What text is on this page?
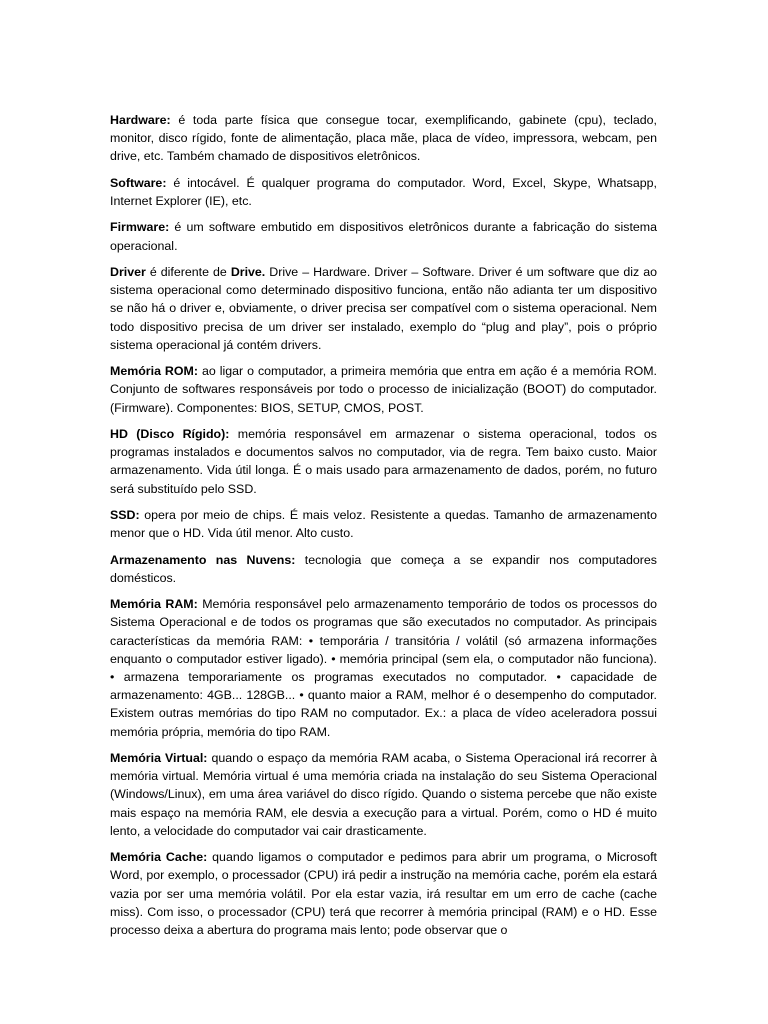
Hardware: é toda parte física que consegue tocar, exemplificando, gabinete (cpu), teclado, monitor, disco rígido, fonte de alimentação, placa mãe, placa de vídeo, impressora, webcam, pen drive, etc. Também chamado de dispositivos eletrônicos.

Software: é intocável. É qualquer programa do computador. Word, Excel, Skype, Whatsapp, Internet Explorer (IE), etc.

Firmware: é um software embutido em dispositivos eletrônicos durante a fabricação do sistema operacional.

Driver é diferente de Drive. Drive – Hardware. Driver – Software. Driver é um software que diz ao sistema operacional como determinado dispositivo funciona, então não adianta ter um dispositivo se não há o driver e, obviamente, o driver precisa ser compatível com o sistema operacional. Nem todo dispositivo precisa de um driver ser instalado, exemplo do “plug and play”, pois o próprio sistema operacional já contém drivers.

Memória ROM: ao ligar o computador, a primeira memória que entra em ação é a memória ROM. Conjunto de softwares responsáveis por todo o processo de inicialização (BOOT) do computador. (Firmware). Componentes: BIOS, SETUP, CMOS, POST.

HD (Disco Rígido): memória responsável em armazenar o sistema operacional, todos os programas instalados e documentos salvos no computador, via de regra. Tem baixo custo. Maior armazenamento. Vida útil longa. É o mais usado para armazenamento de dados, porém, no futuro será substituído pelo SSD.

SSD: opera por meio de chips. É mais veloz. Resistente a quedas. Tamanho de armazenamento menor que o HD. Vida útil menor. Alto custo.

Armazenamento nas Nuvens: tecnologia que começa a se expandir nos computadores domésticos.

Memória RAM: Memória responsável pelo armazenamento temporário de todos os processos do Sistema Operacional e de todos os programas que são executados no computador. As principais características da memória RAM: • temporária / transitória / volátil (só armazena informações enquanto o computador estiver ligado). • memória principal (sem ela, o computador não funciona). • armazena temporariamente os programas executados no computador. • capacidade de armazenamento: 4GB... 128GB... • quanto maior a RAM, melhor é o desempenho do computador. Existem outras memórias do tipo RAM no computador. Ex.: a placa de vídeo aceleradora possui memória própria, memória do tipo RAM.

Memória Virtual: quando o espaço da memória RAM acaba, o Sistema Operacional irá recorrer à memória virtual. Memória virtual é uma memória criada na instalação do seu Sistema Operacional (Windows/Linux), em uma área variável do disco rígido. Quando o sistema percebe que não existe mais espaço na memória RAM, ele desvia a execução para a virtual. Porém, como o HD é muito lento, a velocidade do computador vai cair drasticamente.

Memória Cache: quando ligamos o computador e pedimos para abrir um programa, o Microsoft Word, por exemplo, o processador (CPU) irá pedir a instrução na memória cache, porém ela estará vazia por ser uma memória volátil. Por ela estar vazia, irá resultar em um erro de cache (cache miss). Com isso, o processador (CPU) terá que recorrer à memória principal (RAM) e o HD. Esse processo deixa a abertura do programa mais lento; pode observar que o
